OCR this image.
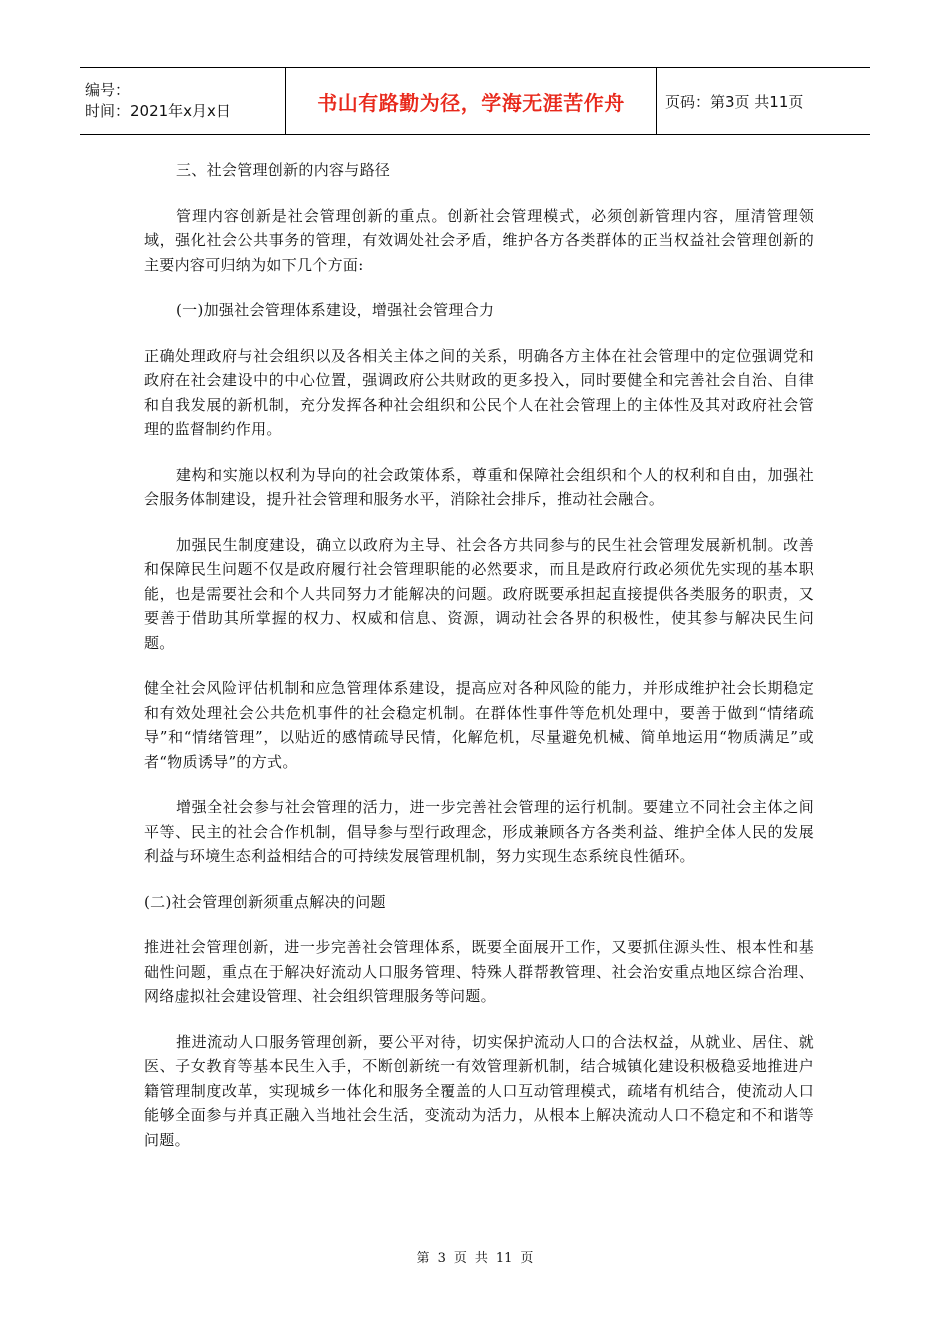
编号：
时间：2021年x月x日	书山有路勤为径，学海无涯苦作舟	页码：第3页 共11页

三、社会管理创新的内容与路径

管理内容创新是社会管理创新的重点。创新社会管理模式，必须创新管理内容，厘清管理领域，强化社会公共事务的管理，有效调处社会矛盾，维护各方各类群体的正当权益社会管理创新的主要内容可归纳为如下几个方面:

(一)加强社会管理体系建设，增强社会管理合力

正确处理政府与社会组织以及各相关主体之间的关系，明确各方主体在社会管理中的定位强调党和政府在社会建设中的中心位置，强调政府公共财政的更多投入，同时要健全和完善社会自治、自律和自我发展的新机制，充分发挥各种社会组织和公民个人在社会管理上的主体性及其对政府社会管理的监督制约作用。

建构和实施以权利为导向的社会政策体系，尊重和保障社会组织和个人的权利和自由，加强社会服务体制建设，提升社会管理和服务水平，消除社会排斥，推动社会融合。

加强民生制度建设，确立以政府为主导、社会各方共同参与的民生社会管理发展新机制。改善和保障民生问题不仅是政府履行社会管理职能的必然要求，而且是政府行政必须优先实现的基本职能，也是需要社会和个人共同努力才能解决的问题。政府既要承担起直接提供各类服务的职责，又要善于借助其所掌握的权力、权威和信息、资源，调动社会各界的积极性，使其参与解决民生问题。

健全社会风险评估机制和应急管理体系建设，提高应对各种风险的能力，并形成维护社会长期稳定和有效处理社会公共危机事件的社会稳定机制。在群体性事件等危机处理中，要善于做到“情绪疏导”和“情绪管理”，以贴近的感情疏导民情，化解危机，尽量避免机械、简单地运用“物质满足”或者“物质诱导”的方式。

增强全社会参与社会管理的活力，进一步完善社会管理的运行机制。要建立不同社会主体之间平等、民主的社会合作机制，倡导参与型行政理念，形成兼顾各方各类利益、维护全体人民的发展利益与环境生态利益相结合的可持续发展管理机制，努力实现生态系统良性循环。

(二)社会管理创新须重点解决的问题

推进社会管理创新，进一步完善社会管理体系，既要全面展开工作，又要抓住源头性、根本性和基础性问题，重点在于解决好流动人口服务管理、特殊人群帮教管理、社会治安重点地区综合治理、网络虚拟社会建设管理、社会组织管理服务等问题。

推进流动人口服务管理创新，要公平对待，切实保护流动人口的合法权益，从就业、居住、就医、子女教育等基本民生入手，不断创新统一有效管理新机制，结合城镇化建设积极稳妥地推进户籍管理制度改革，实现城乡一体化和服务全覆盖的人口互动管理模式，疏堵有机结合，使流动人口能够全面参与并真正融入当地社会生活，变流动为活力，从根本上解决流动人口不稳定和不和谐等问题。

第 3 页 共 11 页
